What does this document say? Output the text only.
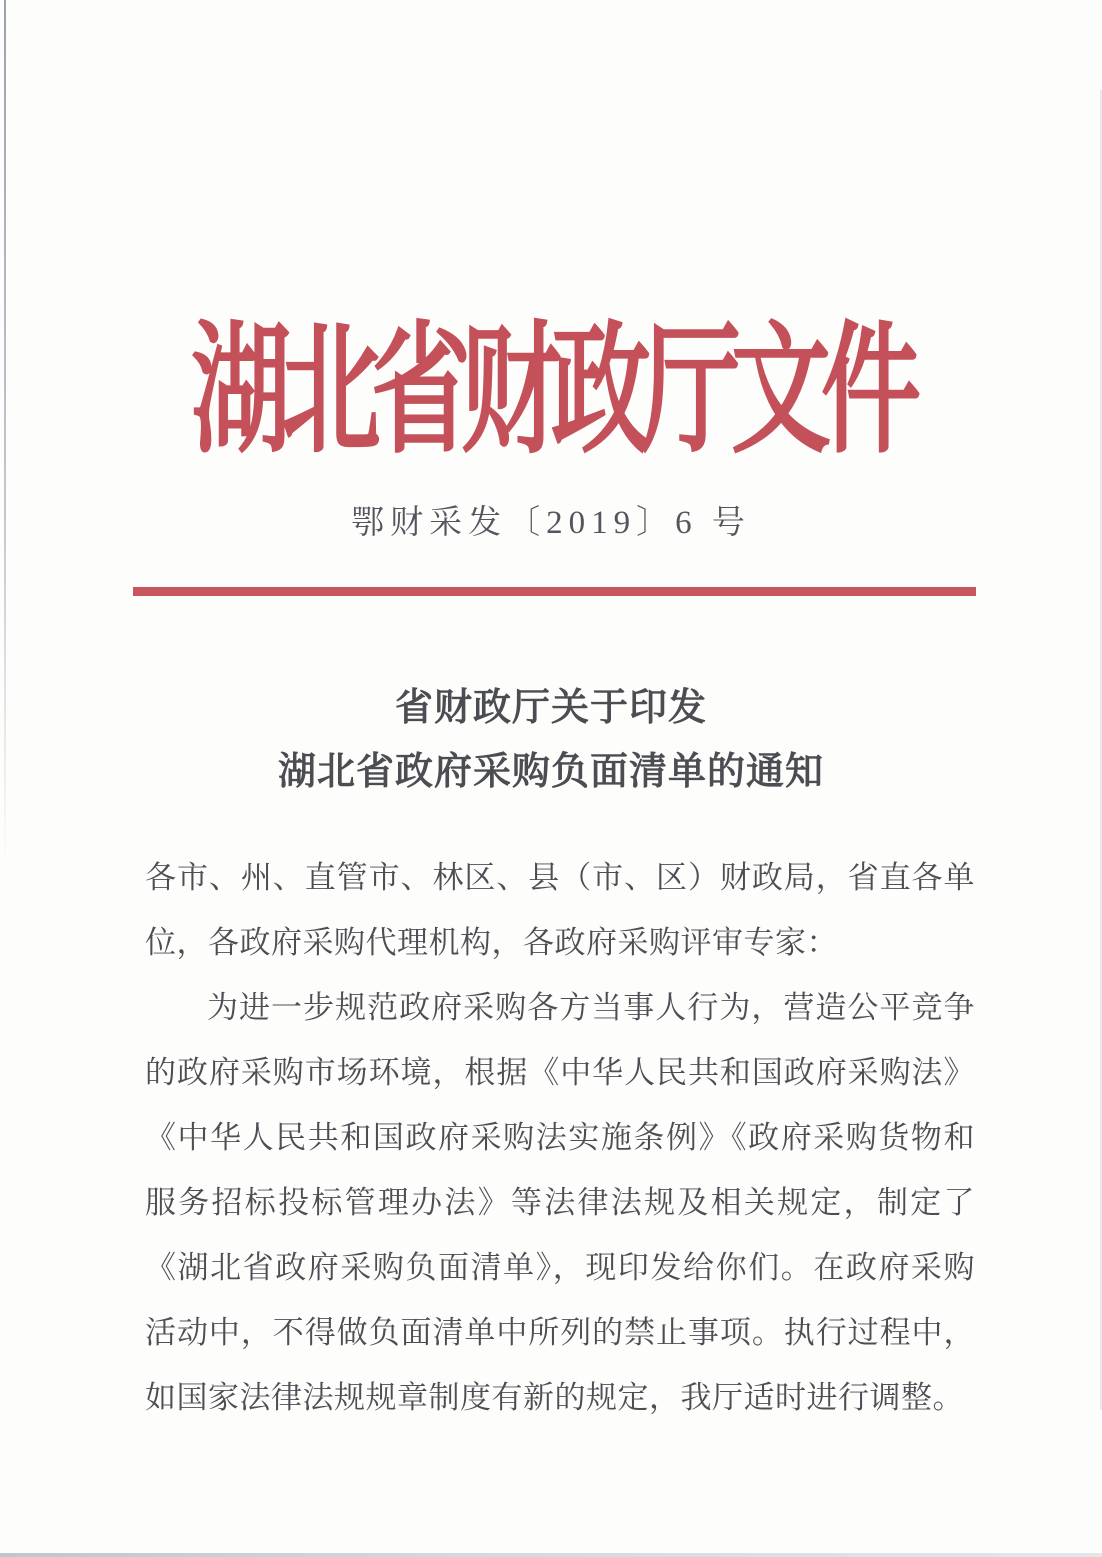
湖北省财政厅文件
鄂财采发〔2019〕6 号
省财政厅关于印发
湖北省政府采购负面清单的通知

各市、州、直管市、林区、县（市、区）财政局，省直各单位，各政府采购代理机构，各政府采购评审专家：

为进一步规范政府采购各方当事人行为，营造公平竞争的政府采购市场环境，根据《中华人民共和国政府采购法》《中华人民共和国政府采购法实施条例》《政府采购货物和服务招标投标管理办法》等法律法规及相关规定，制定了《湖北省政府采购负面清单》，现印发给你们。在政府采购活动中，不得做负面清单中所列的禁止事项。执行过程中，如国家法律法规规章制度有新的规定，我厅适时进行调整。
